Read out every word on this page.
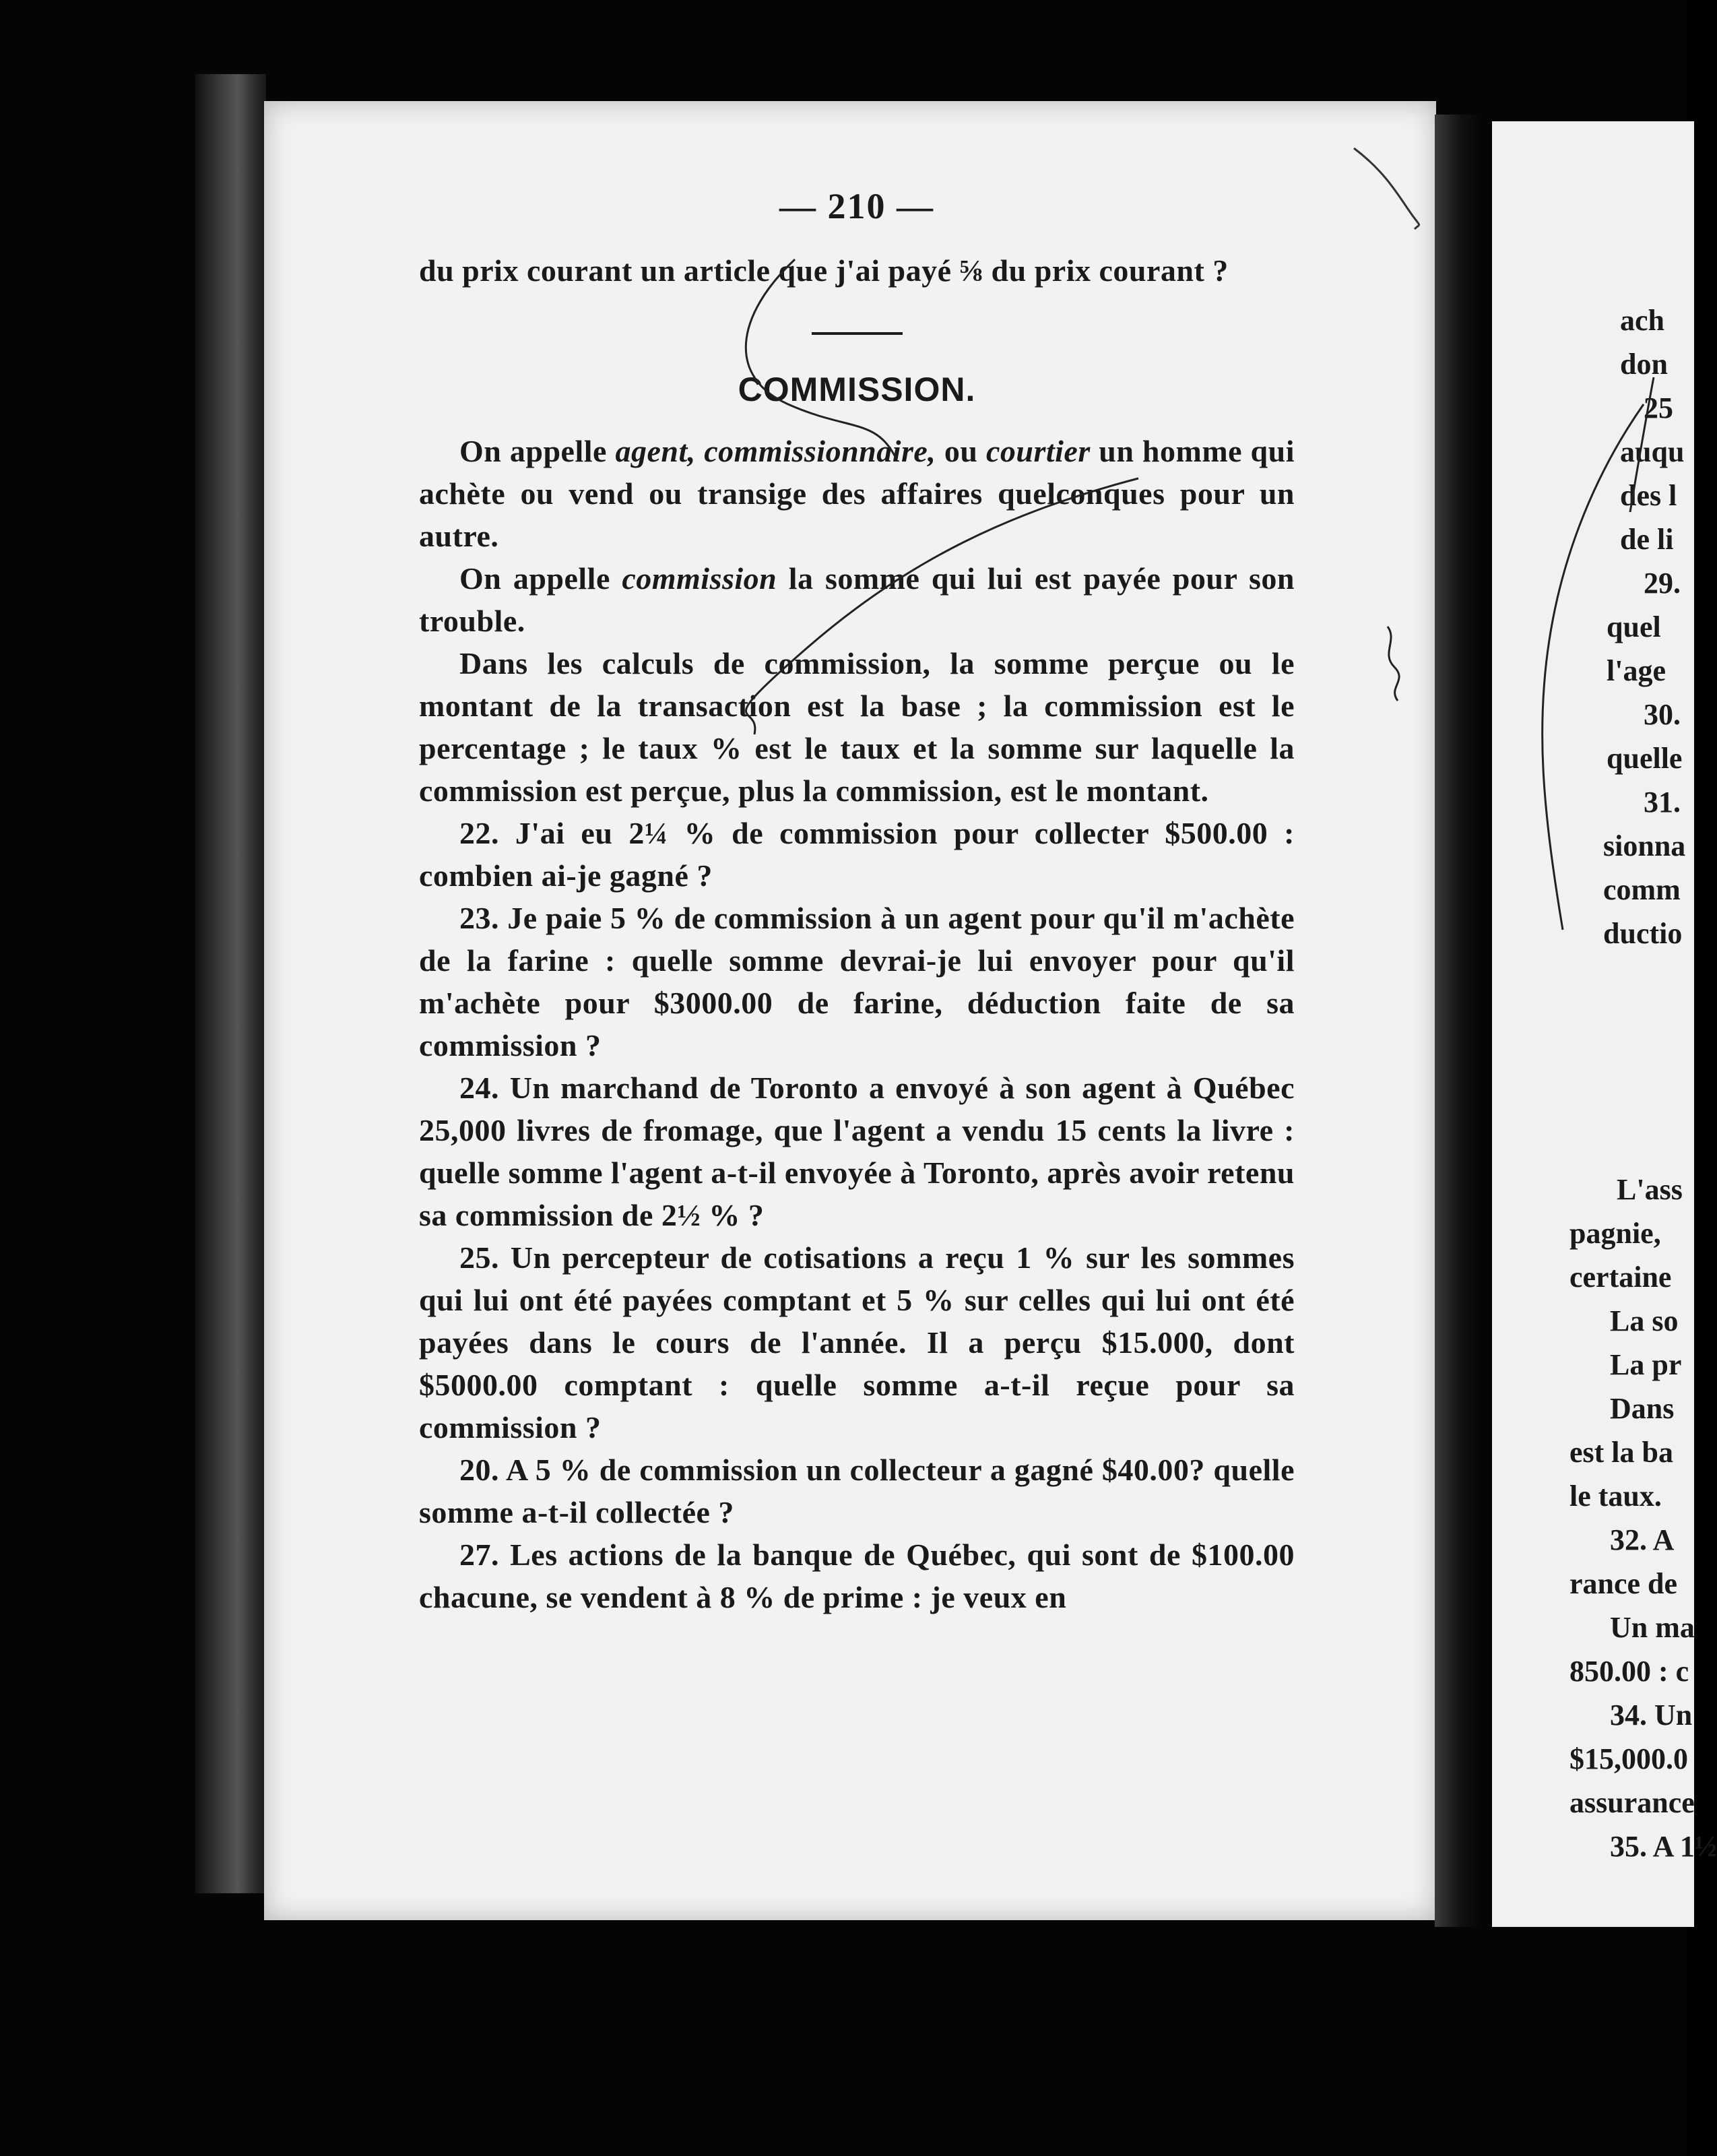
— 210 —

du prix courant un article que j'ai payé ⅝ du prix courant ?

COMMISSION.

On appelle agent, commissionnaire, ou courtier un homme qui achète ou vend ou transige des affaires quelconques pour un autre.

On appelle commission la somme qui lui est payée pour son trouble.

Dans les calculs de commission, la somme perçue ou le montant de la transaction est la base ; la commission est le percentage ; le taux % est le taux et la somme sur laquelle la commission est perçue, plus la commission, est le montant.

22. J'ai eu 2¼ % de commission pour collecter $500.00 : combien ai-je gagné ?

23. Je paie 5 % de commission à un agent pour qu'il m'achète de la farine : quelle somme devrai-je lui envoyer pour qu'il m'achète pour $3000.00 de farine, déduction faite de sa commission ?

24. Un marchand de Toronto a envoyé à son agent à Québec 25,000 livres de fromage, que l'agent a vendu 15 cents la livre : quelle somme l'agent a-t-il envoyée à Toronto, après avoir retenu sa commission de 2½ % ?

25. Un percepteur de cotisations a reçu 1 % sur les sommes qui lui ont été payées comptant et 5 % sur celles qui lui ont été payées dans le cours de l'année. Il a perçu $15.000, dont $5000.00 comptant : quelle somme a-t-il reçue pour sa commission ?

20. A 5 % de commission un collecteur a gagné $40.00? quelle somme a-t-il collectée ?

27. Les actions de la banque de Québec, qui sont de $100.00 chacune, se vendent à 8 % de prime : je veux en

ach
don
25
auqu
des l
de li
29.
quel
l'age
30.
quelle
31.
sionna
comm
ductio
L'ass
pagnie,
certaine
La so
La pr
Dans
est la ba
le taux.
32. A
rance de
Un ma
850.00 : c
34. Un
$15,000.0
assurance
35. A 1½
